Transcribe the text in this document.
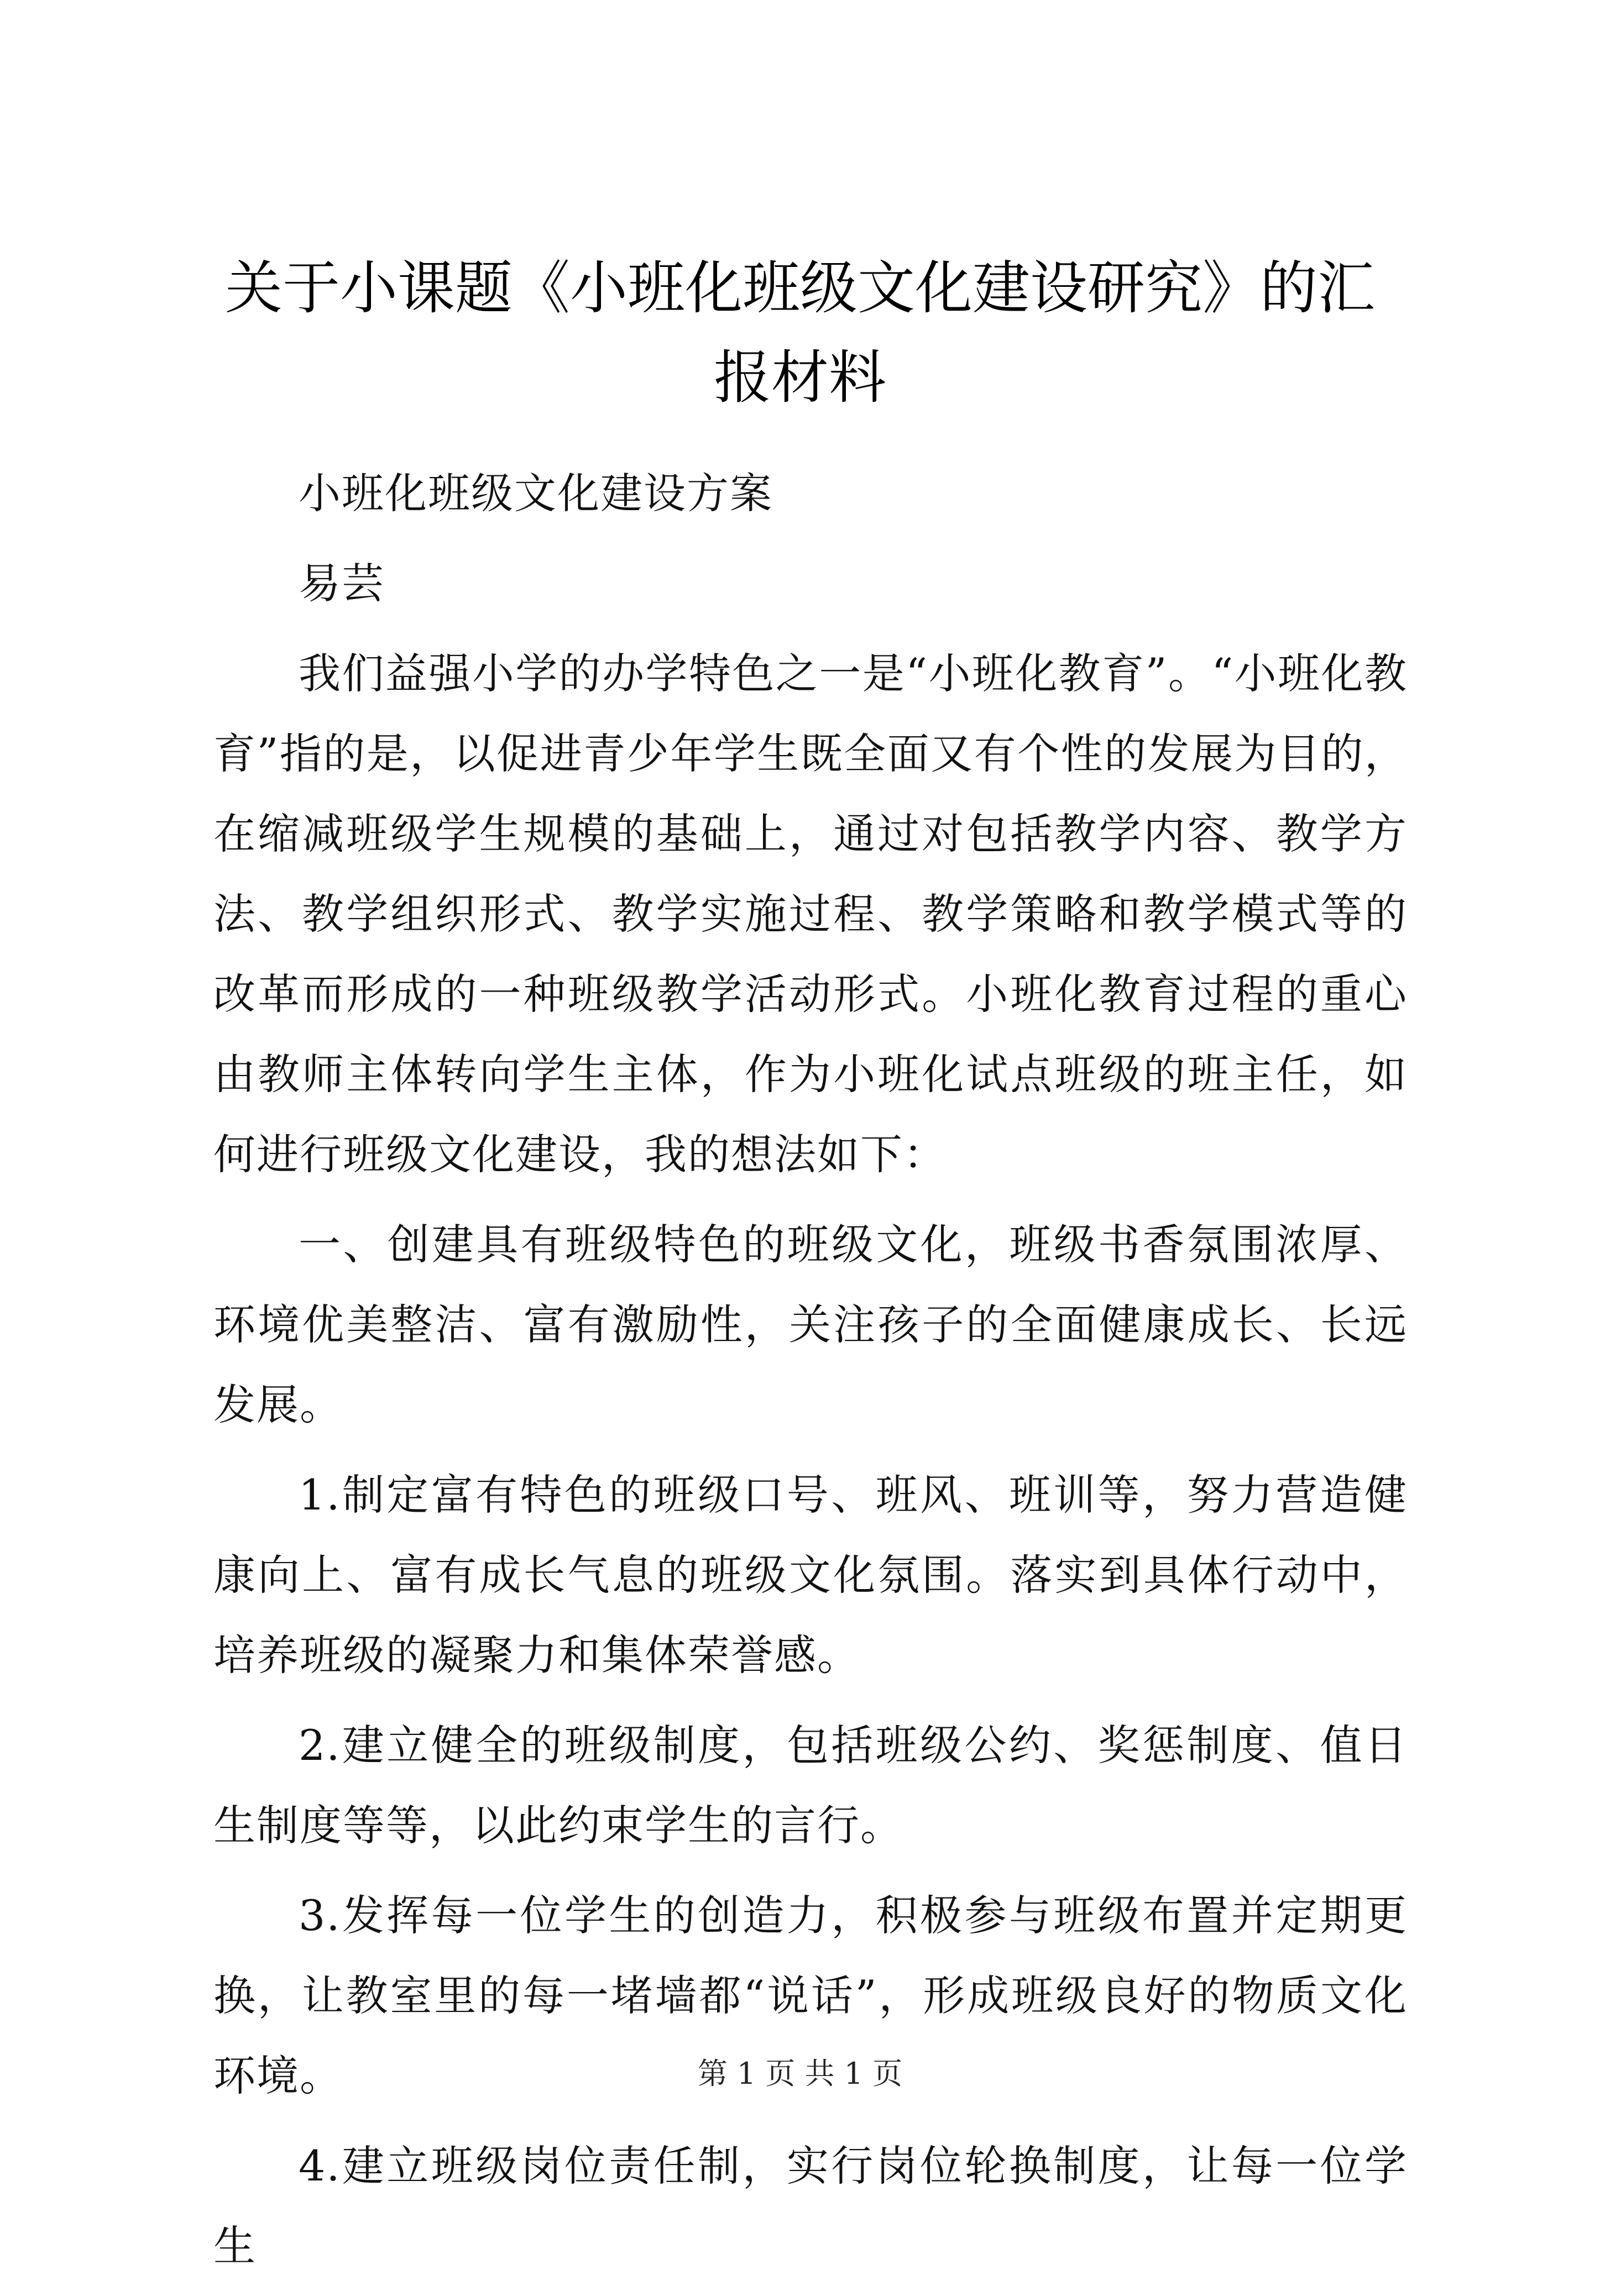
关于小课题《小班化班级文化建设研究》的汇
报材料

小班化班级文化建设方案

易芸

我们益强小学的办学特色之一是“小班化教育”。“小班化教育”指的是，以促进青少年学生既全面又有个性的发展为目的，在缩减班级学生规模的基础上，通过对包括教学内容、教学方法、教学组织形式、教学实施过程、教学策略和教学模式等的改革而形成的一种班级教学活动形式。小班化教育过程的重心由教师主体转向学生主体，作为小班化试点班级的班主任，如何进行班级文化建设，我的想法如下：

一、创建具有班级特色的班级文化，班级书香氛围浓厚、环境优美整洁、富有激励性，关注孩子的全面健康成长、长远发展。

1.制定富有特色的班级口号、班风、班训等，努力营造健康向上、富有成长气息的班级文化氛围。落实到具体行动中，培养班级的凝聚力和集体荣誉感。

2.建立健全的班级制度，包括班级公约、奖惩制度、值日生制度等等，以此约束学生的言行。

3.发挥每一位学生的创造力，积极参与班级布置并定期更换，让教室里的每一堵墙都“说话”，形成班级良好的物质文化环境。

4.建立班级岗位责任制，实行岗位轮换制度，让每一位学生

第 1 页 共 1 页
